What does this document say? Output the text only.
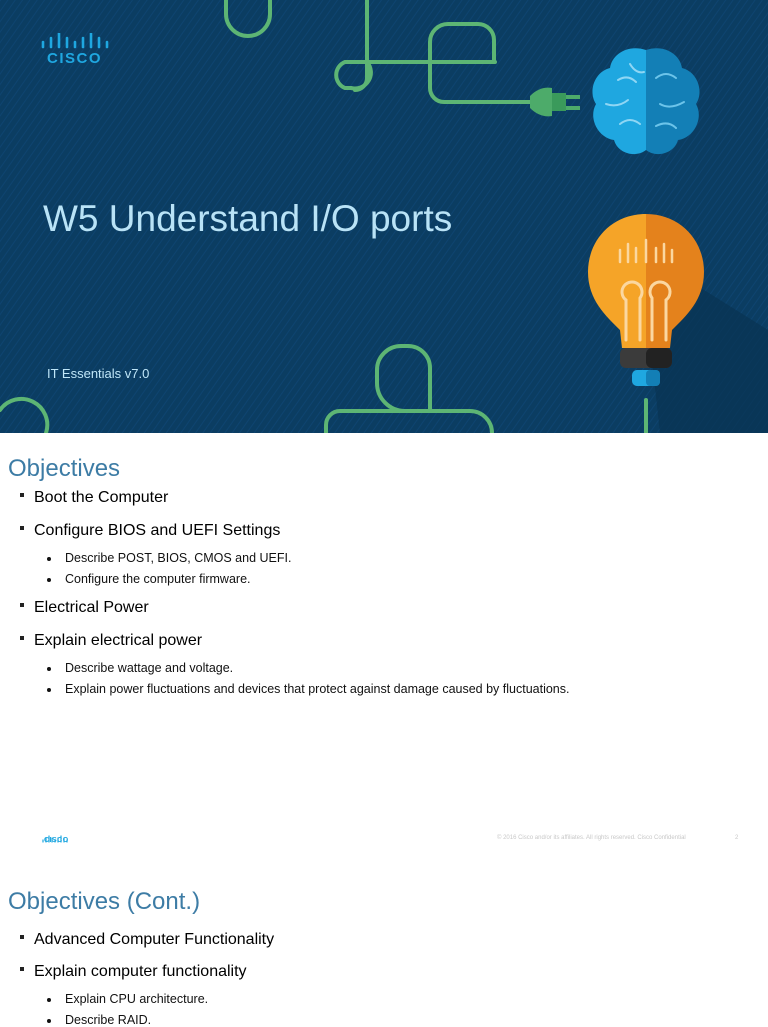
CISCO
W5 Understand I/O ports
IT Essentials v7.0
Objectives
Boot the Computer
Configure BIOS and UEFI Settings
Describe POST, BIOS, CMOS and UEFI.
Configure the computer firmware.
Electrical Power
Explain electrical power
Describe wattage and voltage.
Explain power fluctuations and devices that protect against damage caused by fluctuations.
CISCO	© 2016 Cisco and/or its affiliates. All rights reserved. Cisco Confidential	2
Objectives (Cont.)
Advanced Computer Functionality
Explain computer functionality
Explain CPU architecture.
Describe RAID.
